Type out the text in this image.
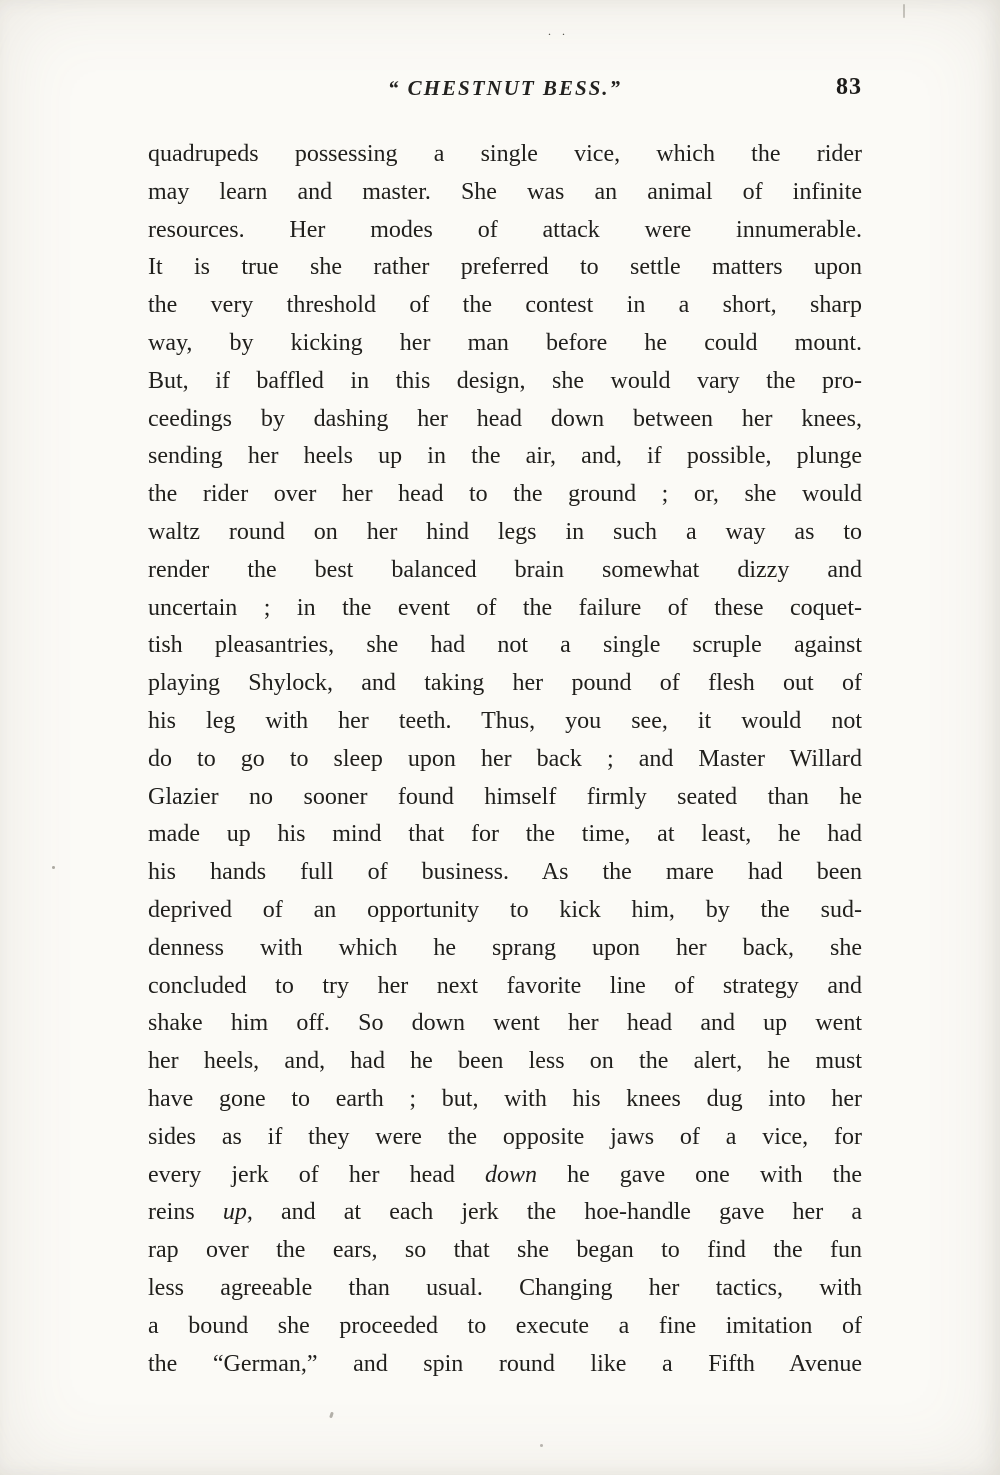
. .
“ CHESTNUT BESS.”	83
quadrupeds possessing a single vice, which the rider
may learn and master. She was an animal of infinite
resources. Her modes of attack were innumerable.
It is true she rather preferred to settle matters upon
the very threshold of the contest in a short, sharp
way, by kicking her man before he could mount.
But, if baffled in this design, she would vary the pro-
ceedings by dashing her head down between her knees,
sending her heels up in the air, and, if possible, plunge
the rider over her head to the ground ; or, she would
waltz round on her hind legs in such a way as to
render the best balanced brain somewhat dizzy and
uncertain ; in the event of the failure of these coquet-
tish pleasantries, she had not a single scruple against
playing Shylock, and taking her pound of flesh out of
his leg with her teeth. Thus, you see, it would not
do to go to sleep upon her back ; and Master Willard
Glazier no sooner found himself firmly seated than he
made up his mind that for the time, at least, he had
his hands full of business. As the mare had been
deprived of an opportunity to kick him, by the sud-
denness with which he sprang upon her back, she
concluded to try her next favorite line of strategy and
shake him off. So down went her head and up went
her heels, and, had he been less on the alert, he must
have gone to earth ; but, with his knees dug into her
sides as if they were the opposite jaws of a vice, for
every jerk of her head down he gave one with the
reins up, and at each jerk the hoe-handle gave her a
rap over the ears, so that she began to find the fun
less agreeable than usual. Changing her tactics, with
a bound she proceeded to execute a fine imitation of
the “German,” and spin round like a Fifth Avenue
